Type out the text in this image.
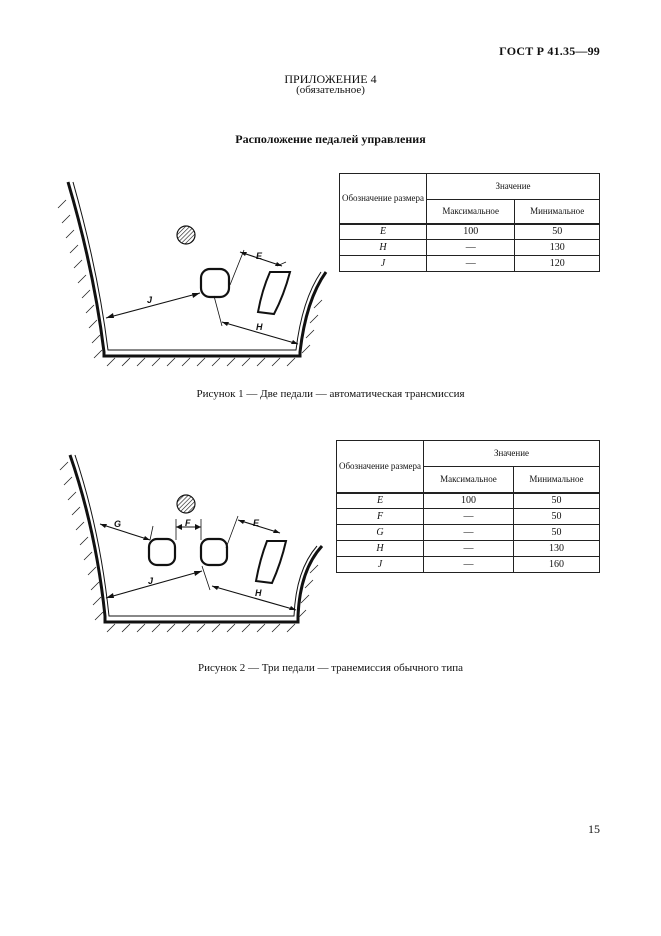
ГОСТ Р 41.35—99
ПРИЛОЖЕНИЕ 4
(обязательное)
Расположение педалей управления
J
E
H
Обозначение размера	Значение	
	Максимальное	Минимальное
E	100	50
H	—	130
J	—	120
Рисунок 1 — Две педали — автоматическая трансмиссия
G	F	E
J
H
Обозначение размера	Значение	
	Максимальное	Минимальное
E	100	50
F	—	50
G	—	50
H	—	130
J	—	160
Рисунок 2 — Три педали — транемиссия обычного типа
15
